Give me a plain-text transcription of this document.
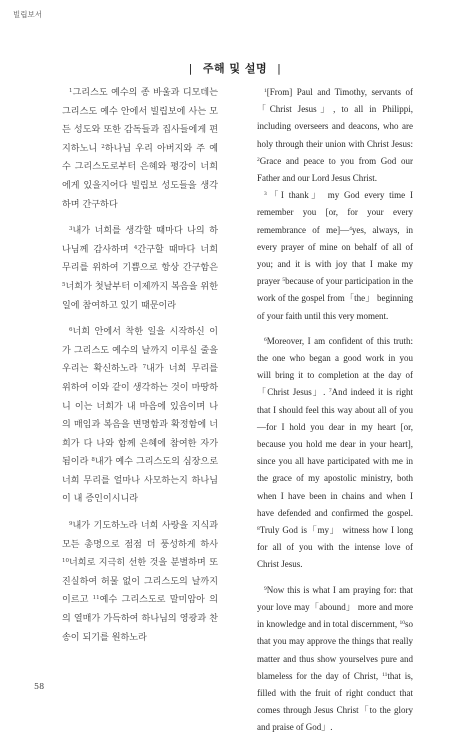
빌립보서
| 주해 및 설명 |

$^1$그리스도 예수의 종 바울과 디모데는 그리스도 예수 안에서 빌립보에 사는 모든 성도와 또한 감독들과 집사들에게 편지하노니 $^2$하나님 우리 아버지와 주 예수 그리스도로부터 은혜와 평강이 너희에게 있을지어다 빌립보 성도들을 생각하며 간구하다

$^3$내가 너희를 생각할 때마다 나의 하나님께 감사하며 $^4$간구할 때마다 너희 무리를 위하여 기쁨으로 항상 간구함은 $^5$너희가 첫날부터 이제까지 복음을 위한 일에 참여하고 있기 때문이라

$^6$너희 안에서 착한 일을 시작하신 이가 그리스도 예수의 날까지 이루실 줄을 우리는 확신하노라 $^7$내가 너희 무리를 위하여 이와 같이 생각하는 것이 마땅하니 이는 너희가 내 마음에 있음이며 나의 매임과 복음을 변명함과 확정함에 너희가 다 나와 함께 은혜에 참여한 자가 됨이라 $^8$내가 예수 그리스도의 심장으로 너희 무리를 얼마나 사모하는지 하나님이 내 증인이시니라

$^9$내가 기도하노라 너희 사랑을 지식과 모든 총명으로 점점 더 풍성하게 하사 $^{10}$너희로 지극히 선한 것을 분별하며 또 진실하여 허물 없이 그리스도의 날까지 이르고 $^{11}$예수 그리스도로 말미암아 의의 열매가 가득하여 하나님의 영광과 찬송이 되기를 원하노라

$^1$[From] Paul and Timothy, servants of「Christ Jesus」, to all in Philippi, including overseers and deacons, who are holy through their union with Christ Jesus: $^2$Grace and peace to you from God our Father and our Lord Jesus Christ.

$^3$「I thank」 my God every time I remember you [or, for your every remembrance of me]—$^4$yes, always, in every prayer of mine on behalf of all of you; and it is with joy that I make my prayer $^5$because of your participation in the work of the gospel from「the」 beginning of your faith until this very moment.

$^6$Moreover, I am confident of this truth: the one who began a good work in you will bring it to completion at the day of「Christ Jesus」. $^7$And indeed it is right that I should feel this way about all of you—for I hold you dear in my heart [or, because you hold me dear in your heart], since you all have participated with me in the grace of my apostolic ministry, both when I have been in chains and when I have defended and confirmed the gospel. $^8$Truly God is「my」 witness how I long for all of you with the intense love of Christ Jesus.

$^9$Now this is what I am praying for: that your love may「abound」 more and more in knowledge and in total discernment, $^{10}$so that you may approve the things that really matter and thus show yourselves pure and blameless for the day of Christ, $^{11}$that is, filled with the fruit of right conduct that comes through Jesus Christ「to the glory and praise of God」.

58
